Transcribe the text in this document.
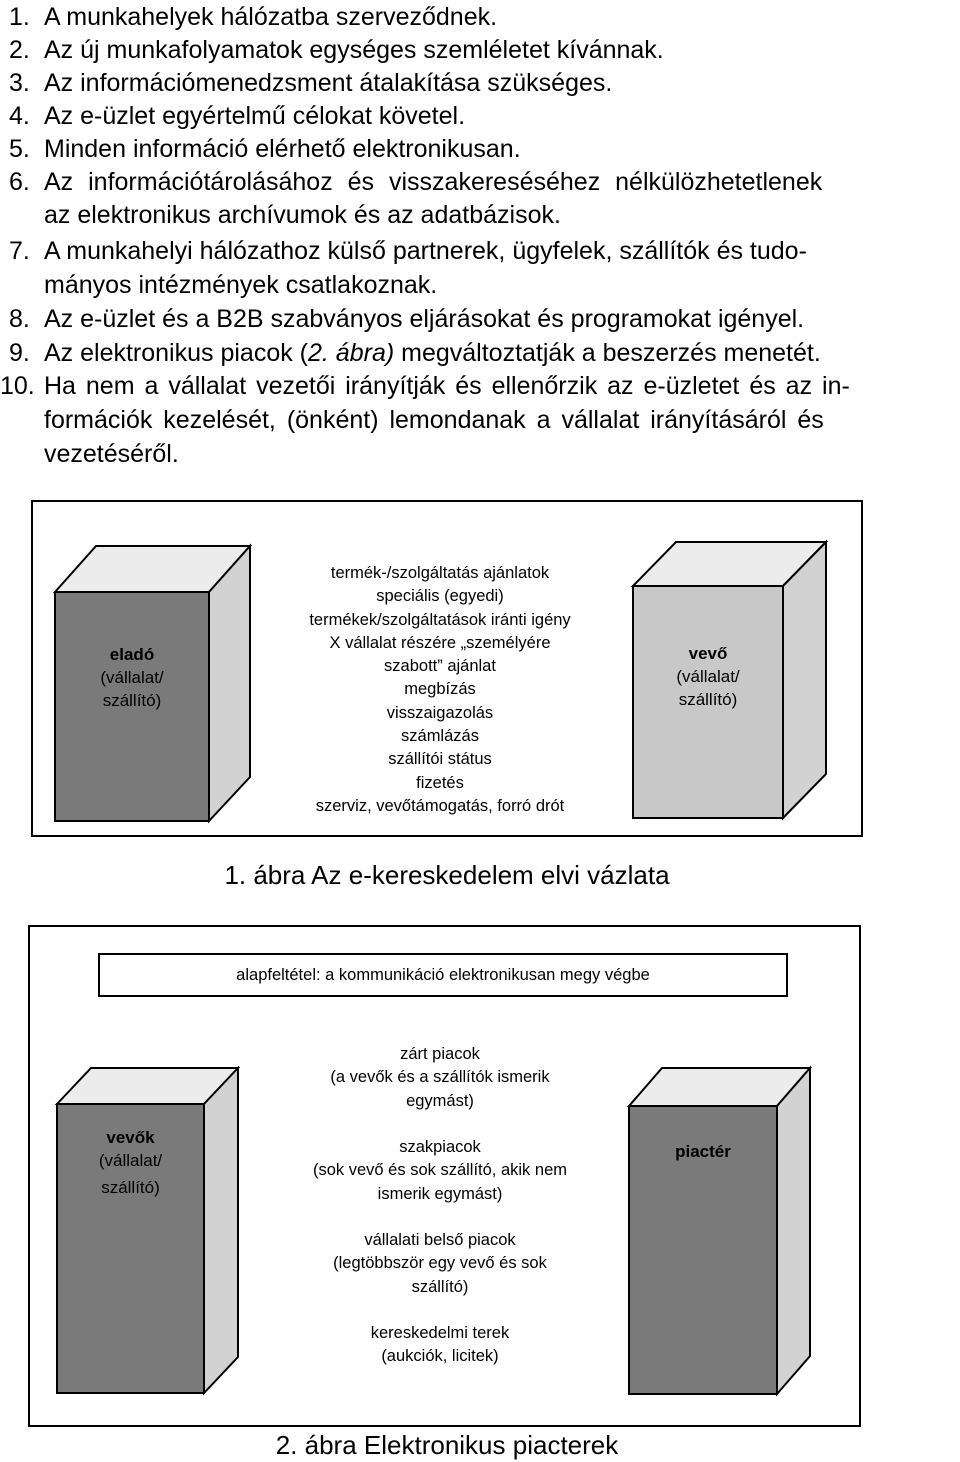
1. A munkahelyek hálózatba szerveződnek.
2. Az új munkafolyamatok egységes szemléletet kívánnak.
3. Az információmenedzsment átalakítása szükséges.
4. Az e-üzlet egyértelmű célokat követel.
5. Minden információ elérhető elektronikusan.
6. Az információtárolásához és visszakereséséhez nélkülözhetetlenek
az elektronikus archívumok és az adatbázisok.
7. A munkahelyi hálózathoz külső partnerek, ügyfelek, szállítók és tudo-
mányos intézmények csatlakoznak.
8. Az e-üzlet és a B2B szabványos eljárásokat és programokat igényel.
9. Az elektronikus piacok (2. ábra) megváltoztatják a beszerzés menetét.
10. Ha nem a vállalat vezetői irányítják és ellenőrzik az e-üzletet és az in-
formációk kezelését, (önként) lemondanak a vállalat irányításáról és
vezetéséről.
eladó
(vállalat/
szállító)
vevő
(vállalat/
szállító)
termék-/szolgáltatás ajánlatok
speciális (egyedi)
termékek/szolgáltatások iránti igény
X vállalat részére „személyére
szabott” ajánlat
megbízás
visszaigazolás
számlázás
szállítói státus
fizetés
szerviz, vevőtámogatás, forró drót
1. ábra Az e-kereskedelem elvi vázlata
alapfeltétel: a kommunikáció elektronikusan megy végbe
vevők
(vállalat/
szállító)
piactér
zárt piacok
(a vevők és a szállítók ismerik
egymást)
szakpiacok
(sok vevő és sok szállító, akik nem
ismerik egymást)
vállalati belső piacok
(legtöbbször egy vevő és sok
szállító)
kereskedelmi terek
(aukciók, licitek)
2. ábra Elektronikus piacterek
